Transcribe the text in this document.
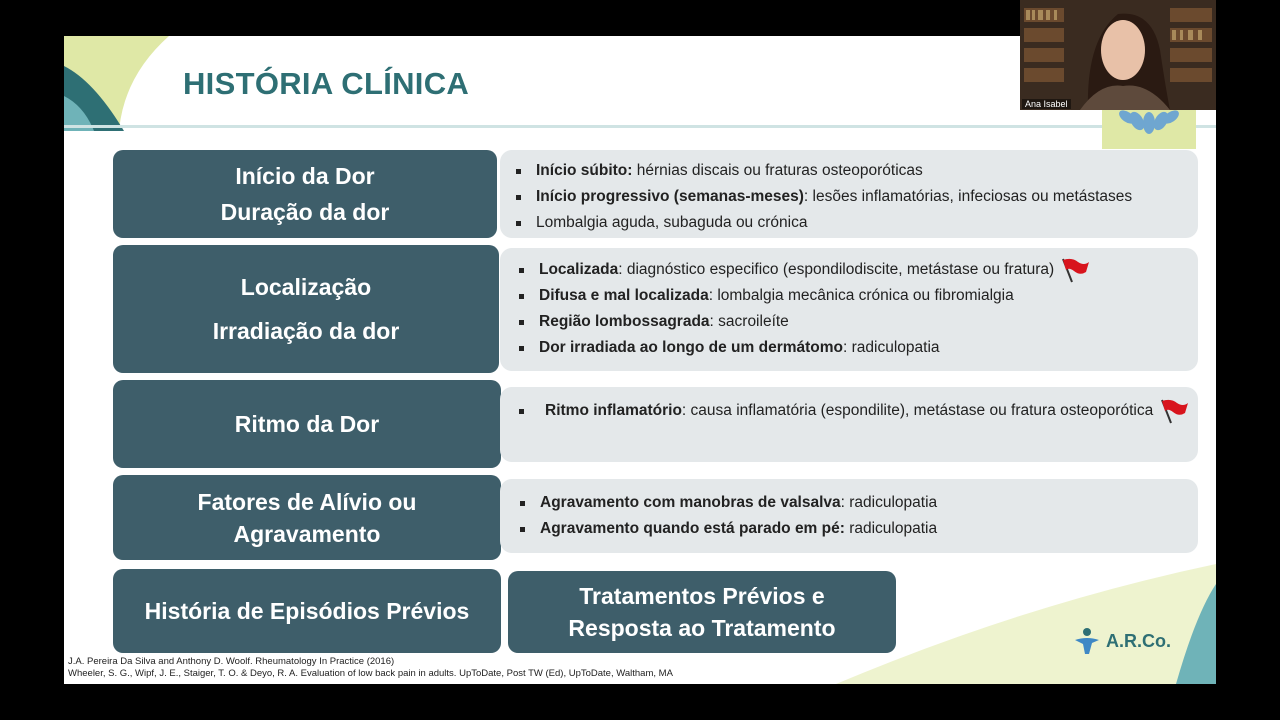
HISTÓRIA CLÍNICA
Início da Dor
Duração da dor
Início súbito: hérnias discais ou fraturas osteoporóticas
Início progressivo (semanas-meses): lesões inflamatórias, infeciosas ou metástases
Lombalgia aguda, subaguda ou crónica
Localização
Irradiação da dor
Localizada: diagnóstico especifico (espondilodiscite, metástase ou fratura)
Difusa e mal localizada: lombalgia mecânica crónica ou fibromialgia
Região lombossagrada: sacroileíte
Dor irradiada ao longo de um dermátomo: radiculopatia
Ritmo da Dor	Ritmo inflamatório: causa inflamatória (espondilite), metástase ou fratura osteoporótica
Fatores de Alívio ou
Agravamento
Agravamento com manobras de valsalva: radiculopatia
Agravamento quando está parado em pé: radiculopatia
História de Episódios Prévios
Tratamentos Prévios e Resposta ao Tratamento	A.R.Co.
J.A. Pereira Da Silva and Anthony D. Woolf. Rheumatology In Practice (2016)
Wheeler, S. G., Wipf, J. E., Staiger, T. O. & Deyo, R. A. Evaluation of low back pain in adults. UpToDate, Post TW (Ed), UpToDate, Waltham, MA
Ana Isabel
